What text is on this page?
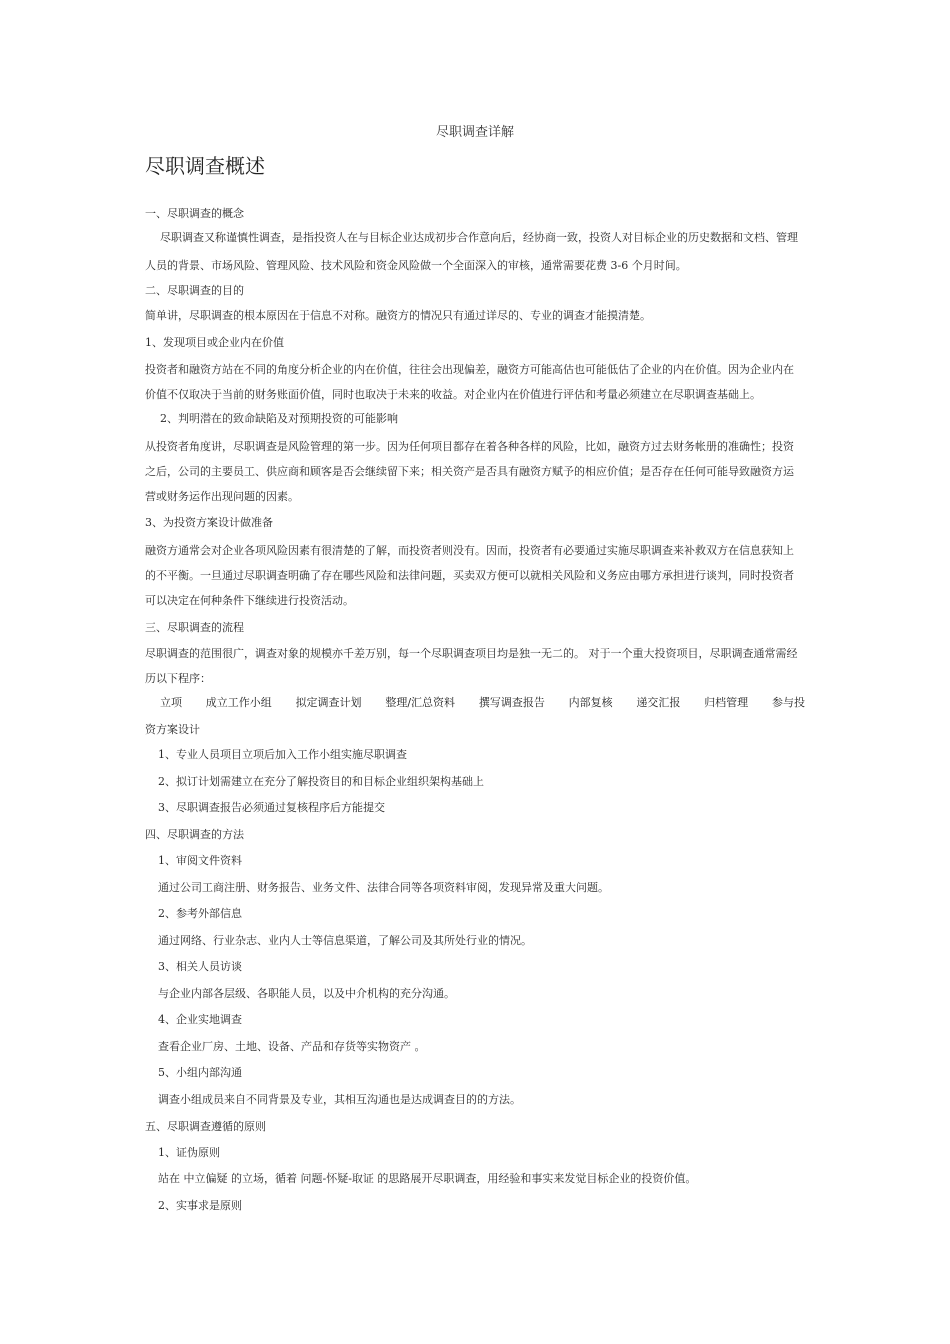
尽职调查详解
尽职调查概述
一、尽职调查的概念
尽职调查又称谨慎性调查，是指投资人在与目标企业达成初步合作意向后，经协商一致，投资人对目标企业的历史数据和文档、管理
人员的背景、市场风险、管理风险、技术风险和资金风险做一个全面深入的审核，通常需要花费 3-6 个月时间。
二、尽职调查的目的
简单讲，尽职调查的根本原因在于信息不对称。融资方的情况只有通过详尽的、专业的调查才能摸清楚。
1、发现项目或企业内在价值
投资者和融资方站在不同的角度分析企业的内在价值，往往会出现偏差，融资方可能高估也可能低估了企业的内在价值。因为企业内在
价值不仅取决于当前的财务账面价值，同时也取决于未来的收益。对企业内在价值进行评估和考量必须建立在尽职调查基础上。
2、判明潜在的致命缺陷及对预期投资的可能影响
从投资者角度讲，尽职调查是风险管理的第一步。因为任何项目都存在着各种各样的风险，比如，融资方过去财务帐册的准确性；投资
之后，公司的主要员工、供应商和顾客是否会继续留下来；相关资产是否具有融资方赋予的相应价值；是否存在任何可能导致融资方运
营或财务运作出现问题的因素。
3、为投资方案设计做准备
融资方通常会对企业各项风险因素有很清楚的了解，而投资者则没有。因而，投资者有必要通过实施尽职调查来补救双方在信息获知上
的不平衡。一旦通过尽职调查明确了存在哪些风险和法律问题，买卖双方便可以就相关风险和义务应由哪方承担进行谈判，同时投资者
可以决定在何种条件下继续进行投资活动。
三、尽职调查的流程
尽职调查的范围很广，调查对象的规模亦千差万别，每一个尽职调查项目均是独一无二的。 对于一个重大投资项目，尽职调查通常需经
历以下程序：
立项 成立工作小组 拟定调查计划 整理/汇总资料 撰写调查报告 内部复核 递交汇报 归档管理 参与投
资方案设计
1、专业人员项目立项后加入工作小组实施尽职调查
2、拟订计划需建立在充分了解投资目的和目标企业组织架构基础上
3、尽职调查报告必须通过复核程序后方能提交
四、尽职调查的方法
1、审阅文件资料
通过公司工商注册、财务报告、业务文件、法律合同等各项资料审阅，发现异常及重大问题。
2、参考外部信息
通过网络、行业杂志、业内人士等信息渠道，了解公司及其所处行业的情况。
3、相关人员访谈
与企业内部各层级、各职能人员，以及中介机构的充分沟通。
4、企业实地调查
查看企业厂房、土地、设备、产品和存货等实物资产 。
5、小组内部沟通
调查小组成员来自不同背景及专业，其相互沟通也是达成调查目的的方法。
五、尽职调查遵循的原则
1、证伪原则
站在 中立偏疑 的立场，循着 问题-怀疑-取证 的思路展开尽职调查，用经验和事实来发觉目标企业的投资价值。
2、实事求是原则
